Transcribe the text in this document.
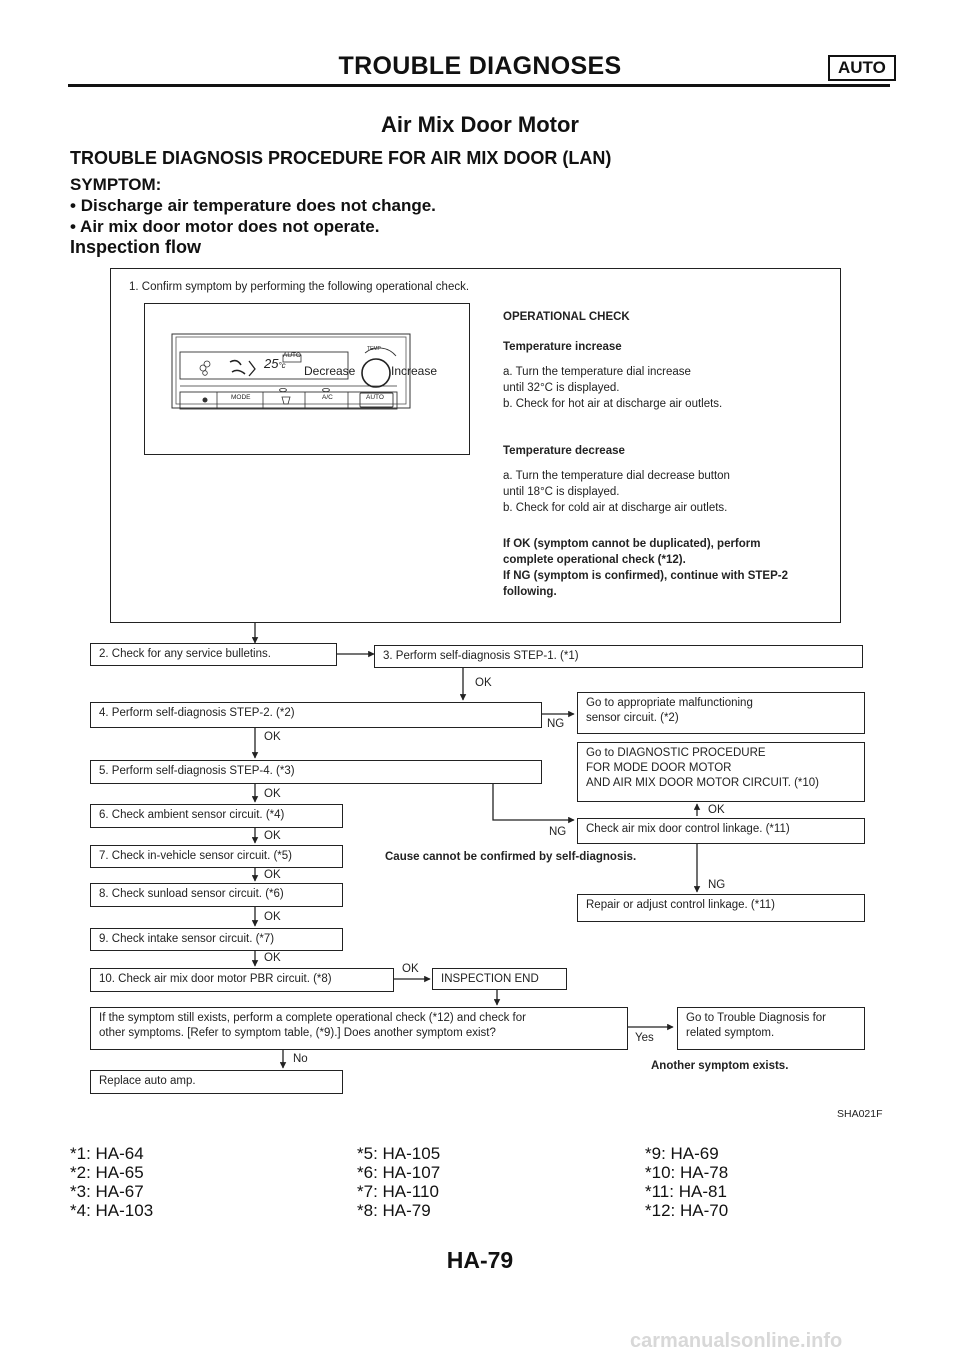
TROUBLE DIAGNOSES	AUTO
Air Mix Door Motor
TROUBLE DIAGNOSIS PROCEDURE FOR AIR MIX DOOR (LAN)
SYMPTOM:
• Discharge air temperature does not change.
• Air mix door motor does not operate.
Inspection flow
1. Confirm symptom by performing the following operational check.
25°c
AUTO
TEMP
Decrease	Increase
MODE	A/C	AUTO
OPERATIONAL CHECK
Temperature increase
a. Turn the temperature dial increase
until 32°C is displayed.
b. Check for hot air at discharge air outlets.
Temperature decrease
a. Turn the temperature dial decrease button
until 18°C is displayed.
b. Check for cold air at discharge air outlets.
If OK (symptom cannot be duplicated), perform
complete operational check (*12).
If NG (symptom is confirmed), continue with STEP-2
following.
2. Check for any service bulletins.	3. Perform self-diagnosis STEP-1. (*1)
4. Perform self-diagnosis STEP-2. (*2)
Go to appropriate malfunctioning
sensor circuit. (*2)
Go to DIAGNOSTIC PROCEDURE
FOR MODE DOOR MOTOR
AND AIR MIX DOOR MOTOR CIRCUIT. (*10)
5. Perform self-diagnosis STEP-4. (*3)
Check air mix door control linkage. (*11)
6. Check ambient sensor circuit. (*4)
7. Check in-vehicle sensor circuit. (*5)
8. Check sunload sensor circuit. (*6)
Repair or adjust control linkage. (*11)
9. Check intake sensor circuit. (*7)
10. Check air mix door motor PBR circuit. (*8)	INSPECTION END
If the symptom still exists, perform a complete operational check (*12) and check for
other symptoms. [Refer to symptom table, (*9).] Does another symptom exist?
Go to Trouble Diagnosis for
related symptom.
Replace auto amp.
OK
NG
OK
OK
OK
NG
OK
Cause cannot be confirmed by self-diagnosis.
OK
NG
OK
OK
OK
Yes
No
Another symptom exists.
SHA021F
*1: HA-64
*2: HA-65
*3: HA-67
*4: HA-103
*5: HA-105
*6: HA-107
*7: HA-110
*8: HA-79
*9: HA-69
*10: HA-78
*11: HA-81
*12: HA-70
HA-79
carmanualsonline.info
